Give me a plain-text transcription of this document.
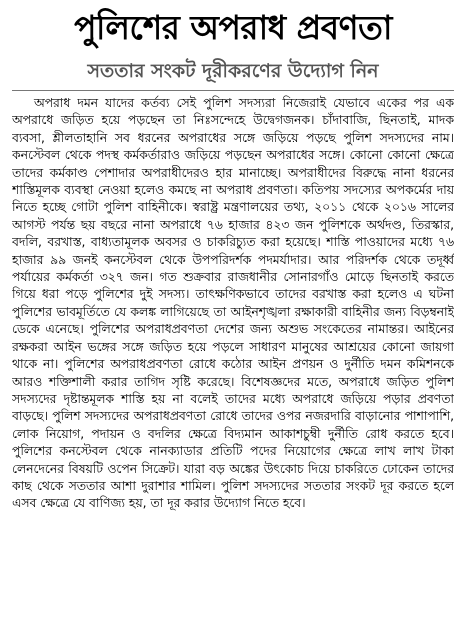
পুলিশের অপরাধ প্রবণতা
সততার সংকট দূরীকরণের উদ্যোগ নিন

অপরাধ দমন যাদের কর্তব্য সেই পুলিশ সদস্যরা নিজেরাই যেভাবে একের পর এক অপরাধে জড়িত হয়ে পড়ছেন তা নিঃসন্দেহে উদ্বেগজনক। চাঁদাবাজি, ছিনতাই, মাদক ব্যবসা, শ্লীলতাহানি সব ধরনের অপরাধের সঙ্গে জড়িয়ে পড়ছে পুলিশ সদস্যদের নাম। কনস্টেবল থেকে পদস্থ কর্মকর্তারাও জড়িয়ে পড়ছেন অপরাধের সঙ্গে। কোনো কোনো ক্ষেত্রে তাদের কর্মকাণ্ড পেশাদার অপরাধীদেরও হার মানাচ্ছে। অপরাধীদের বিরুদ্ধে নানা ধরনের শাস্তিমূলক ব্যবস্থা নেওয়া হলেও কমছে না অপরাধ প্রবণতা। কতিপয় সদস্যের অপকর্মের দায় নিতে হচ্ছে গোটা পুলিশ বাহিনীকে। স্বরাষ্ট্র মন্ত্রণালয়ের তথ্য, ২০১১ থেকে ২০১৬ সালের আগস্ট পর্যন্ত ছয় বছরে নানা অপরাধে ৭৬ হাজার ৪২৩ জন পুলিশকে অর্থদণ্ড, তিরস্কার, বদলি, বরখাস্ত, বাধ্যতামূলক অবসর ও চাকরিচ্যুত করা হয়েছে। শাস্তি পাওয়াদের মধ্যে ৭৬ হাজার ৯৯ জনই কনস্টেবল থেকে উপপরিদর্শক পদমর্যাদার। আর পরিদর্শক থেকে তদূর্ধ্ব পর্যায়ের কর্মকর্তা ৩২৭ জন। গত শুক্রবার রাজধানীর সোনারগাঁও মোড়ে ছিনতাই করতে গিয়ে ধরা পড়ে পুলিশের দুই সদস্য। তাৎক্ষণিকভাবে তাদের বরখাস্ত করা হলেও এ ঘটনা পুলিশের ভাবমূর্তিতে যে কলঙ্ক লাগিয়েছে তা আইনশৃঙ্খলা রক্ষাকারী বাহিনীর জন্য বিড়ম্বনাই ডেকে এনেছে। পুলিশের অপরাধপ্রবণতা দেশের জন্য অশুভ সংকেতের নামান্তর। আইনের রক্ষকরা আইন ভঙ্গের সঙ্গে জড়িত হয়ে পড়লে সাধারণ মানুষের আশ্রয়ের কোনো জায়গা থাকে না। পুলিশের অপরাধপ্রবণতা রোধে কঠোর আইন প্রণয়ন ও দুর্নীতি দমন কমিশনকে আরও শক্তিশালী করার তাগিদ সৃষ্টি করেছে। বিশেষজ্ঞদের মতে, অপরাধে জড়িত পুলিশ সদস্যদের দৃষ্টান্তমূলক শাস্তি হয় না বলেই তাদের মধ্যে অপরাধে জড়িয়ে পড়ার প্রবণতা বাড়ছে। পুলিশ সদস্যদের অপরাধপ্রবণতা রোধে তাদের ওপর নজরদারি বাড়ানোর পাশাপাশি, লোক নিয়োগ, পদায়ন ও বদলির ক্ষেত্রে বিদ্যমান আকাশচুম্বী দুর্নীতি রোধ করতে হবে। পুলিশের কনস্টেবল থেকে নানক্যাডার প্রতিটি পদের নিয়োগের ক্ষেত্রে লাখ লাখ টাকা লেনদেনের বিষয়টি ওপেন সিক্রেট। যারা বড় অঙ্কের উৎকোচ দিয়ে চাকরিতে ঢোকেন তাদের কাছ থেকে সততার আশা দুরাশার শামিল। পুলিশ সদস্যদের সততার সংকট দূর করতে হলে এসব ক্ষেত্রে যে বাণিজ্য হয়, তা দূর করার উদ্যোগ নিতে হবে।
